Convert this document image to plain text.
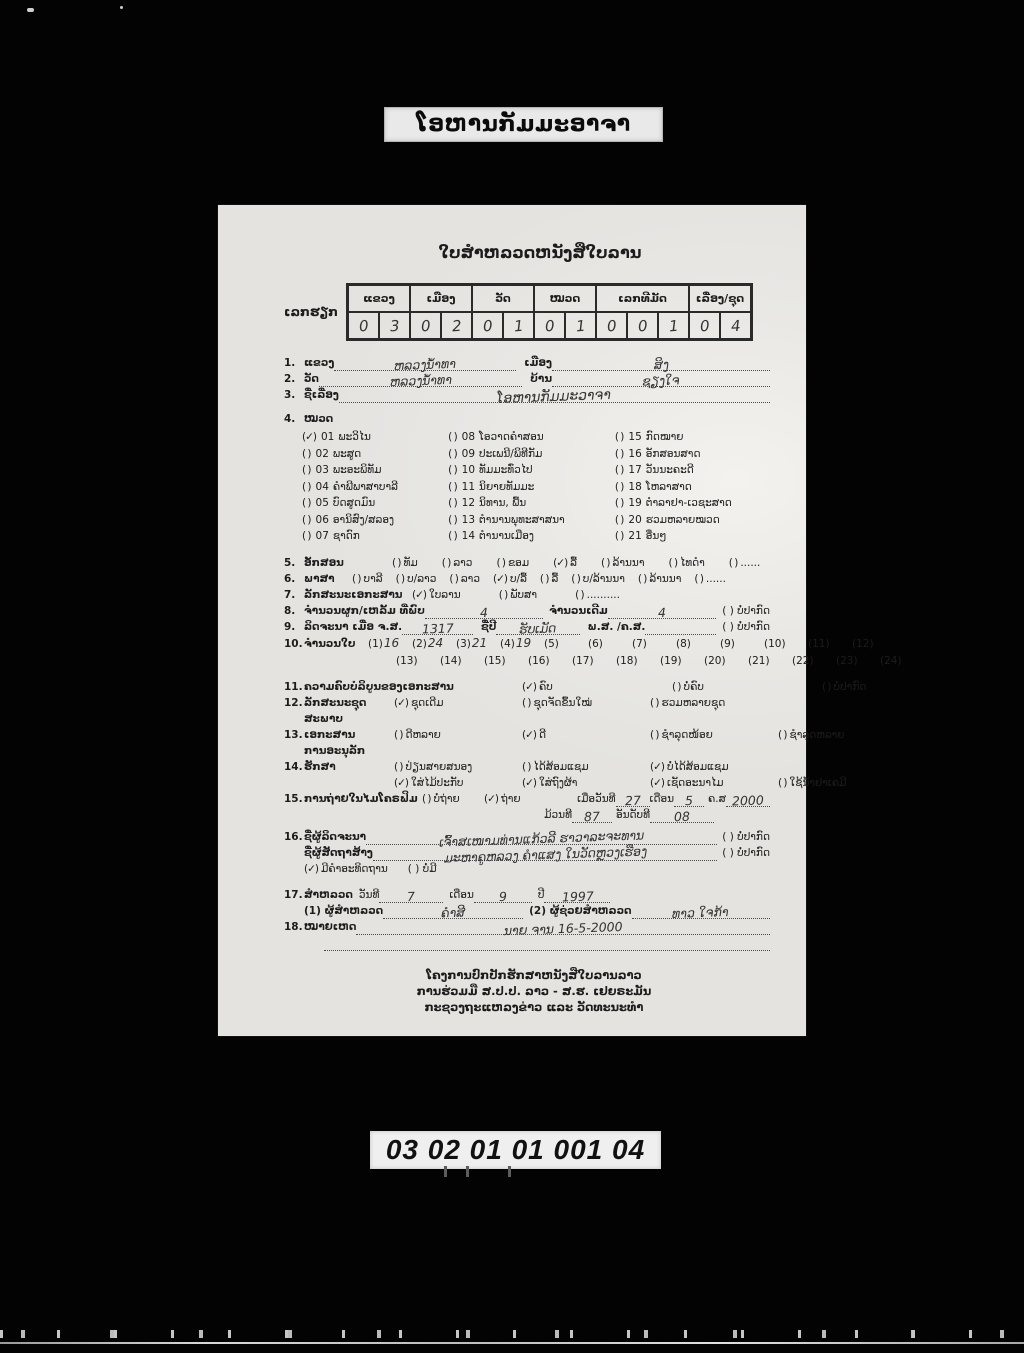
ໂອຫານກັມມະອາຈາ
ໃບສຳຫລວດຫນັງສືໃບລານ
ເລກຮຽກ
ແຂວງ	ເມືອງ	ວັດ	ໝວດ	ເລກທີມັດ	ເລື່ອງ/ຊຸດ
0 3 0 2 0 1 0 1 0 0 1 0 4
1. ແຂວງ	ຫລວງນໍ້າທາ	ເມືອງ	ສິງ
2. ວັດ	ຫລວງນໍ້າທາ	ບ້ານ	ຊຽງໃຈ
3. ຊື່ເລື່ອງ	ໂອຫານກັມມະວາຈາ
4. ໝວດ
(✓) 01 ພະວິໄນ
( ) 02 ພະສູດ
( ) 03 ພະອະພິທັມ
( ) 04 ຄຳພີພາສາບາລີ
( ) 05 ບົດສູດມົນ
( ) 06 ອານິສົງ/ສລອງ
( ) 07 ຊາດົກ
( ) 08 ໂອວາດຄຳສອນ
( ) 09 ປະເພນີ/ພິທີກັມ
( ) 10 ທັມມະທົ່ວໄປ
( ) 11 ນິຍາຍທັມມະ
( ) 12 ນິທານ, ພື້ນ
( ) 13 ຕຳນານພຸທະສາສນາ
( ) 14 ຕຳນານເມືອງ
( ) 15 ກົດໝາຍ
( ) 16 ອັກສອນສາດ
( ) 17 ວັນນະຄະດີ
( ) 18 ໂຫລາສາດ
( ) 19 ຕຳລາຢາ-ເວຊະສາດ
( ) 20 ຮວມຫລາຍໝວດ
( ) 21 ອື່ນໆ
5. ອັກສອນ	( ) ທັມ ( ) ລາວ ( ) ຂອມ (✓) ລື້ ( ) ລ້ານນາ ( ) ໄທດຳ ( ) ......
6. ພາສາ	( ) ບາລີ ( ) ບ/ລາວ ( ) ລາວ (✓) ບ/ລື້ ( ) ລື້ ( ) ບ/ລ້ານນາ ( ) ລ້ານນາ ( ) ......
7. ລັກສະນະເອກະສານ (✓) ໃບລານ	( ) ພັບສາ	( ) ..........
8. ຈຳນວນຜູກ/ເຫລັ້ມ ທີ່ພົບ	4	ຈຳນວນເດີມ	4	( ) ບໍ່ປາກົດ
9. ລິດຈະນາ ເມື່ອ ຈ.ສ. 1317	ຊື່ປີ ຮັບເມັດ	ພ.ສ. /ຄ.ສ.	( ) ບໍ່ປາກົດ
10. ຈຳນວນໃບ	(1)16	(2)24	(3)21	(4)19	(5)	(6)	(7)	(8)	(9)	(10)	(11)	(12)
(13)	(14)	(15)	(16)	(17)	(18)	(19)	(20)	(21)	(22)	(23)	(24)
11. ຄວາມຄົບບໍລິບູນຂອງເອກະສານ	(✓) ຄົບ	( ) ບໍ່ຄົບ	( ) ບໍ່ປາກົດ
12. ລັກສະນະຊຸດ	(✓) ຊຸດເດີມ	( ) ຊຸດຈັດຂຶ້ນໃໝ່	( ) ຮວມຫລາຍຊຸດ
13.
ສະພາບເອກະສານ	( ) ດີຫລາຍ	(✓) ດີ	( ) ຊຳລຸດໜ້ອຍ	( ) ຊຳລຸດຫລາຍ
14.
ການອະນຸລັກຮັກສາ	( ) ປ່ຽນສາຍສນອງ	( ) ໄດ້ສ້ອມແຊມ	(✓) ບໍ່ໄດ້ສ້ອມແຊມ
(✓) ໃສ່ໄມ້ປະກັບ	(✓) ໃສ່ຖົງຜ້າ	(✓) ເຊັດອະນາໄມ	( ) ໃຊ້ນ້ຳຢາເຄມີ
15. ການຖ່າຍໃນໄມໂຄຣຟິມ ( ) ບໍ່ຖ່າຍ	(✓) ຖ່າຍ	ເມື່ອວັນທີ 27 ເດືອນ 5 ຄ.ສ 2000
ມ້ວນທີ 87 ອັນດັບທີ 08
16. ຊື່ຜູ້ລິດຈະນາ	ເຈົ້າສເໜາມທ່ານແກ້ວລີ ຮາວາລະຈະທານ	( ) ບໍ່ປາກົດ
ຊື່ຜູ້ສັດຖາສ້າງ	ມະຫາຄູຫລວງ ຄຳແສງ ໃນວັດຫຼວງເຮືອງ	( ) ບໍ່ປາກົດ
(✓) ມີຄຳອະທິດຖານ ( ) ບໍ່ມີ
17. ສຳຫລວດ ວັນທີ 7	ເດືອນ 9	ປີ 1997
(1) ຜູ້ສຳຫລວດ	ຄຳສີ	(2) ຜູ້ຊ່ວຍສຳຫລວດ	ທາວ ໃຈກ້າ
18. ໝາຍເຫດ	ນາຍ ຈານ 16-5-2000
ໂຄງການປົກປັກຮັກສາຫນັງສືໃບລານລາວ
ການຮ່ວມມື ສ.ປ.ປ. ລາວ - ສ.ຮ. ເຢຍຣະມັນ
ກະຊວງຖະແຫລງຂ່າວ ແລະ ວັດທະນະທຳ
03 02 01 01 001 04
